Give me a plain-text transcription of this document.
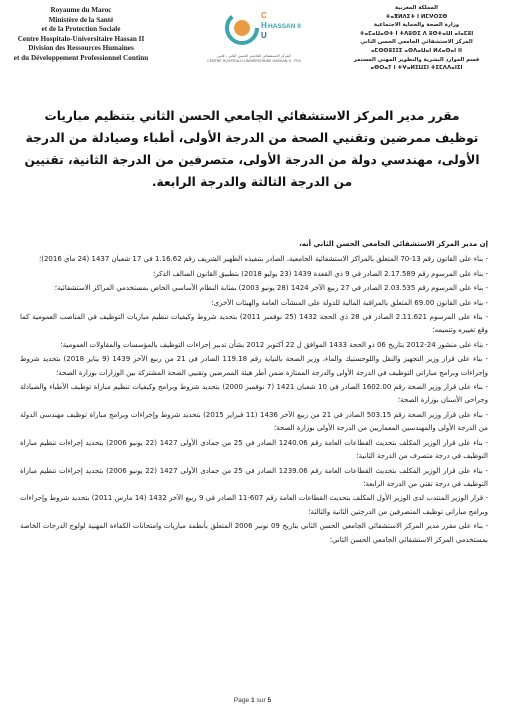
Royaume du Maroc
Ministère de la Santé
et de la Protection Sociale
Centre Hospitalo-Universitaire Hassan II
Division des Ressources Humaines
et du Développement Professionnel Continu
C
H
U
HASSAN II
المركز الاستشفائي الجامعي الحسن الثاني - فاس
CENTRE HOSPITALO-UNIVERSITAIRE HASSAN II - FES
المملكة المغربية
ⵜⴰⴳⵍⴷⵉⵜ ⵏ ⵍⵎⵖⵔⵉⴱ
وزارة الصحة والحماية الاجتماعية
ⵜⴰⵎⴰⵡⴰⵙⵜ ⵏ ⵜⴷⵓⵙⵉ ⴷ ⵓⵙⵜⴰⵡⵏ ⴰⵏⴰⵎⵓⵏ
المركز الاستشفائي الجامعي الحسن الثاني
ⴰⵎⵙⵙⵓⵊⵊⵉ ⴰⵙⴷⴰⵡⴰⵏ ⵍⵃⴰⵙⴰⵏ II
قسم الموارد البشرية والتطوير المهني المستمر
ⴰⴱⵔⴰⵢ ⵏ ⵜⵖⴰⵍⵉⵡⵉⵏ ⵜⵉⵎⴷⴷⴰⵏⵉⵏ
مقرر مدير المركز الاستشفائي الجامعي الحسن الثاني بتنظيم مباريات توظيف ممرضين وتقنيي الصحة من الدرجة الأولى، أطباء وصيادلة من الدرجة الأولى، مهندسي دولة من الدرجة الأولى، متصرفين من الدرجة الثانية، تقنيين من الدرجة الثالثة والدرجة الرابعة.
إن مدير المركز الاستشفائي الجامعي الحسن الثاني أنه،
- بناء على القانون رقم 13-70 المتعلق بالمراكز الاستشفائية الجامعية، الصادر بتنفيذه الظهير الشريف رقم 1.16.62 في 17 شعبان 1437 (24 ماي 2016)؛
- بناء على المرسوم رقم 2.17.589 الصادر في 9 ذي القعدة 1439 (23 يوليو 2018) بتطبيق القانون السالف الذكر؛
- بناء على المرسوم رقم 2.03.535 الصادر في 27 ربيع الآخر 1424 (28 يونيو 2003) بمثابة النظام الأساسي الخاص بمستخدمي المراكز الاستشفائية؛
- بناء على القانون 69.00 المتعلق بالمراقبة المالية للدولة على المنشآت العامة والهيئات الأخرى؛
- بناء على المرسوم 2.11.621 الصادر في 28 ذي الحجة 1432 (25 نوفمبر 2011) بتحديد شروط وكيفيات تنظيم مباريات التوظيف في المناصب العمومية كما وقع تغييره وتتميمه؛
- بناء على منشور 24-2012 بتاريخ 06 ذو الحجة 1433 الموافق ل 22 أكتوبر 2012 بشأن تدبير إجراءات التوظيف بالمؤسسات والمقاولات العمومية؛
- بناء على قرار وزير التجهيز والنقل واللوجستيك والماء، وزير الصحة بالنيابة رقم 119.18 الصادر في 21 من ربيع الآخر 1439 (9 يناير 2018) بتحديد شروط وإجراءات وبرامج مباراتي التوظيف في الدرجة الأولى والدرجة الممتازة ضمن أطر هيئة الممرضين وتقنيي الصحة المشتركة بين الوزارات بوزارة الصحة؛
- بناء على قرار وزير الصحة رقم 1602.00 الصادر في 10 شعبان 1421 (7 نوفمبر 2000) بتحديد شروط وبرامج وكيفيات تنظيم مباراة توظيف الأطباء والصيادلة وجراحي الأسنان بوزارة الصحة؛
- بناء على قرار وزير الصحة رقم 503.15 الصادر في 21 من ربيع الآخر 1436 (11 فبراير 2015) بتحديد شروط وإجراءات وبرامج مباراة توظيف مهندسي الدولة من الدرجة الأولى والمهندسين المعماريين من الدرجة الأولى بوزارة الصحة؛
- بناء على قرار الوزير المكلف بتحديث القطاعات العامة رقم 1240.06 الصادر في 25 من جمادى الأولى 1427 (22 يونيو 2006) بتحديد إجراءات تنظيم مباراة التوظيف في درجة متصرف من الدرجة الثانية؛
- بناء على قرار الوزير المكلف بتحديث القطاعات العامة رقم 1239.06 الصادر في 25 من جمادى الأولى 1427 (22 يونيو 2006) بتحديد إجراءات تنظيم مباراة التوظيف في درجة تقني من الدرجة الرابعة؛
- قرار الوزير المنتدب لدى الوزير الأول المكلف بتحديث القطاعات العامة رقم 607-11 الصادر في 9 ربيع الآخر 1432 (14 مارس 2011) بتحديد شروط وإجراءات وبرامج مباراتي توظيف المتصرفين من الدرجتين الثانية والثالثة؛
- بناء على مقرر مدير المركز الاستشفائي الجامعي الحسن الثاني بتاريخ 09 نونبر 2006 المتعلق بأنظمة مباريات وامتحانات الكفاءة المهنية لولوج الدرجات الخاصة بمستخدمي المركز الاستشفائي الجامعي الحسن الثاني؛
Page 1 sur 5
